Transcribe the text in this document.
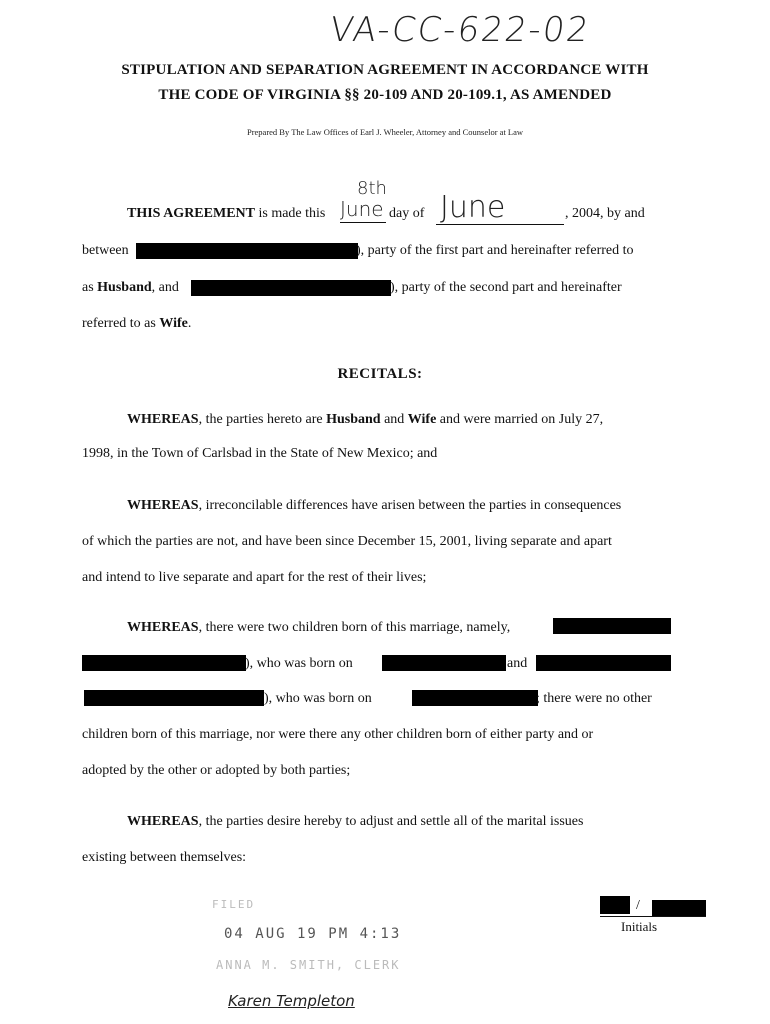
VA-CC-622-02
STIPULATION AND SEPARATION AGREEMENT IN ACCORDANCE WITH
THE CODE OF VIRGINIA §§ 20-109 AND 20-109.1, AS AMENDED
Prepared By The Law Offices of Earl J. Wheeler, Attorney and Counselor at Law
THIS AGREEMENT is made this
8th
June day of June	, 2004, by and
between	), party of the first part and hereinafter referred to
as Husband, and	), party of the second part and hereinafter
referred to as Wife.
RECITALS:
WHEREAS, the parties hereto are Husband and Wife and were married on July 27,
1998, in the Town of Carlsbad in the State of New Mexico; and
WHEREAS, irreconcilable differences have arisen between the parties in consequences
of which the parties are not, and have been since December 15, 2001, living separate and apart
and intend to live separate and apart for the rest of their lives;
WHEREAS, there were two children born of this marriage, namely,
), who was born on	and
), who was born on	; there were no other
children born of this marriage, nor were there any other children born of either party and or
adopted by the other or adopted by both parties;
WHEREAS, the parties desire hereby to adjust and settle all of the marital issues
existing between themselves:
FILED
04 AUG 19 PM 4:13
ANNA M. SMITH, CLERK
Karen Templeton
/
Initials
